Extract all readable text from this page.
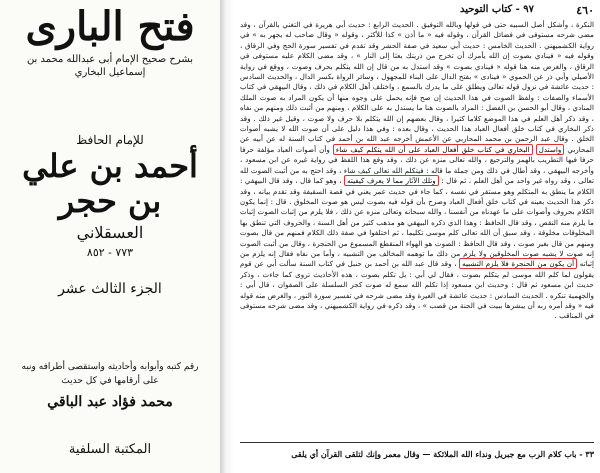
فتح البارى
بشرح صحيح الإمام أبى عبدالله محمد بن إسماعيل البخاري
للإمام الحافظ
أحمد بن علي بن حجر
العسقلاني
٧٧٣ - ٨٥٢
الجزء الثالث عشر
رقم كتبه وأبوابه وأحاديثه واستقصى أطرافه ونبه على أرقامها في كل حديث
محمد فؤاد عبد الباقي
المكتبة السلفية
٤٦٠
٩٧ - كتاب التوحيد

النكرة ، وأشكل أصل السبيه حتى في قولها وبالله التوفيق . الحديث الرابع : حديث أبي هريرة في التغني بالقرآن ، وقد مضى شرحه مستوفى في فضائل القرآن ، وقوله فيه « ما أذن » كذا للأكثر ، وقوله « وقال صاحب له يجهر به » في رواية الكشميهني . الحديث الخامس : حديث أبي سعيد في صفة الحشر وقد تقدم في تفسير سورة الحج وفي الرقاق ، وقوله فيه « فينادي بصوت إن الله يأمرك أن تخرج من ذريتك بعثا إلى النار » ، وقد مضى الكلام عليه مستوفى في الرقاق ، والغرض منه هنا قوله « فينادي بصوت » وقد استدل به من قال إن الله يتكلم بحرف وصوت ، ووقع في رواية الأصيلي وأبي ذر عن الحموي « فينادى » بفتح الدال على البناء للمجهول ، وسائر الرواة بكسر الدال ، والحديث السادس : حديث عائشة في نزول قوله تعالى ويطلق على ما يدرك بالسمع ، واختلف أهل الكلام في ذلك ، وقال البيهقي في كتاب الأسماء والصفات : ولفظ الصوت في هذا الحديث إن صح فإنه يحمل على وجوه منها أن يكون المراد به صوت الملك المنادي ، وقال أبو الحسن بن الفضل : المراد بالصوت هنا ما يستدل به على الكلام ، ومنهم من أثبت ذلك ومنهم من نفاه ، وقد ذكر أهل العلم في هذا الموضع كلاما كثيرا ، وقال بعضهم إن الله يتكلم بلا حرف ولا صوت ، وقيل غير ذلك . وقد ذكر البخاري في كتاب خلق أفعال العباد هذا الحديث ، وقال بعده : وفي هذا دليل على أن صوت الله لا يشبه أصوات الخلق . وقال عبد الرحمن بن محمد المحاربي عن الأعمش أخرجه عبد الله بن أحمد في كتاب السنة له عن أبيه عن المحاربي واستدل البخاري في كتاب خلق أفعال العباد على أن الله يتكلم كيف شاء وأن أصوات العباد مؤلفة حرفا حرفا فيها التطريب بالهمز والترجيع ، والله تعالى منزه عن ذلك ، وقد وقع هذا اللفظ في رواية غيره عن ابن مسعود ، وأخرجه البيهقي ، وقد أطال في ذلك ومن جملة ما قاله : فيتكلم الله تعالى كيف شاء ، وقد احتج به من أثبت الصوت لله تعالى ، وقد رواه غير واحد من أهل العلم ، ثم قال : وتلك الآثار مما لا يعرف كيفيته ، وهو كما قال ، وقد قال البيهقي : الكلام ما ينطق به المتكلم وهو مستقر في نفسه ، كما جاء في حديث عمر يعني في قصة السقيفة وقد تقدم بيانه ، وقد ذكر هذا الحديث بعينه في كتاب خلق أفعال العباد وصرح بأن قوله فيه بصوت ليس هو صوت المخلوق . قال : إنما يكون الكلام بحروف وأصوات على ما عهدناه من أنفسنا ، والله سبحانه وتعالى منزه عن ذلك ، فلا يلزم من إثبات الصوت إثبات ما يلزم منه النقص ، وقد قال الحافظ : وهذا الذي ذكره البيهقي هو مذهب كثير من أهل السنة ، والحروف التي تنطق بها المخلوقات مخلوقة ، وقد سبق أن الله تعالى كلم موسى تكليما ، ثم اختلفوا في صفة ذلك الكلام فمنهم من قال بصوت ومنهم من قال بغير صوت ، وقد قال الحافظ : الصوت هو الهواء المنقطع المسموع من الحنجرة ، وقال من أثبت الصوت إنه صوت لا يشبه صوت المخلوقين ولا يلزم من ذلك ما توهمه المخالف من التشبيه ، وأما من نفاه فقال إنه يلزم من إثباته أن يكون من الحنجرة فلا يلزم التشبيه ، وقد قال عبد الله بن أحمد بن حنبل في كتاب السنة سألت أبي عن قوم يقولون لما كلم الله موسى لم يتكلم بصوت ، فقال لي أبي : بل تكلم بصوت ، هذه الأحاديث تروى كما جاءت ، وذكر حديث ابن مسعود ثم قال : وحديث ابن مسعود إذا تكلم الله سمع له صوت كجر السلسلة على الصفوان ، قال أبي : والجهمية تنكره . الحديث السادس : حديث عائشة في الغيرة وقد مضى شرحه في تفسير سورة النور ، والغرض منه قوله فيه « وقد أمره ربه أن يبشرها ببيت في الجنة من قصب » ، وقد ذكره في رواية الكشميهني ، وقد مضى شرحه مستوفى في المناقب .

٣٣ - باب كلام الرب مع جبريل ونداء الله الملائكة — وقال معمر وإنك لتلقى القرآن أي يلقى
